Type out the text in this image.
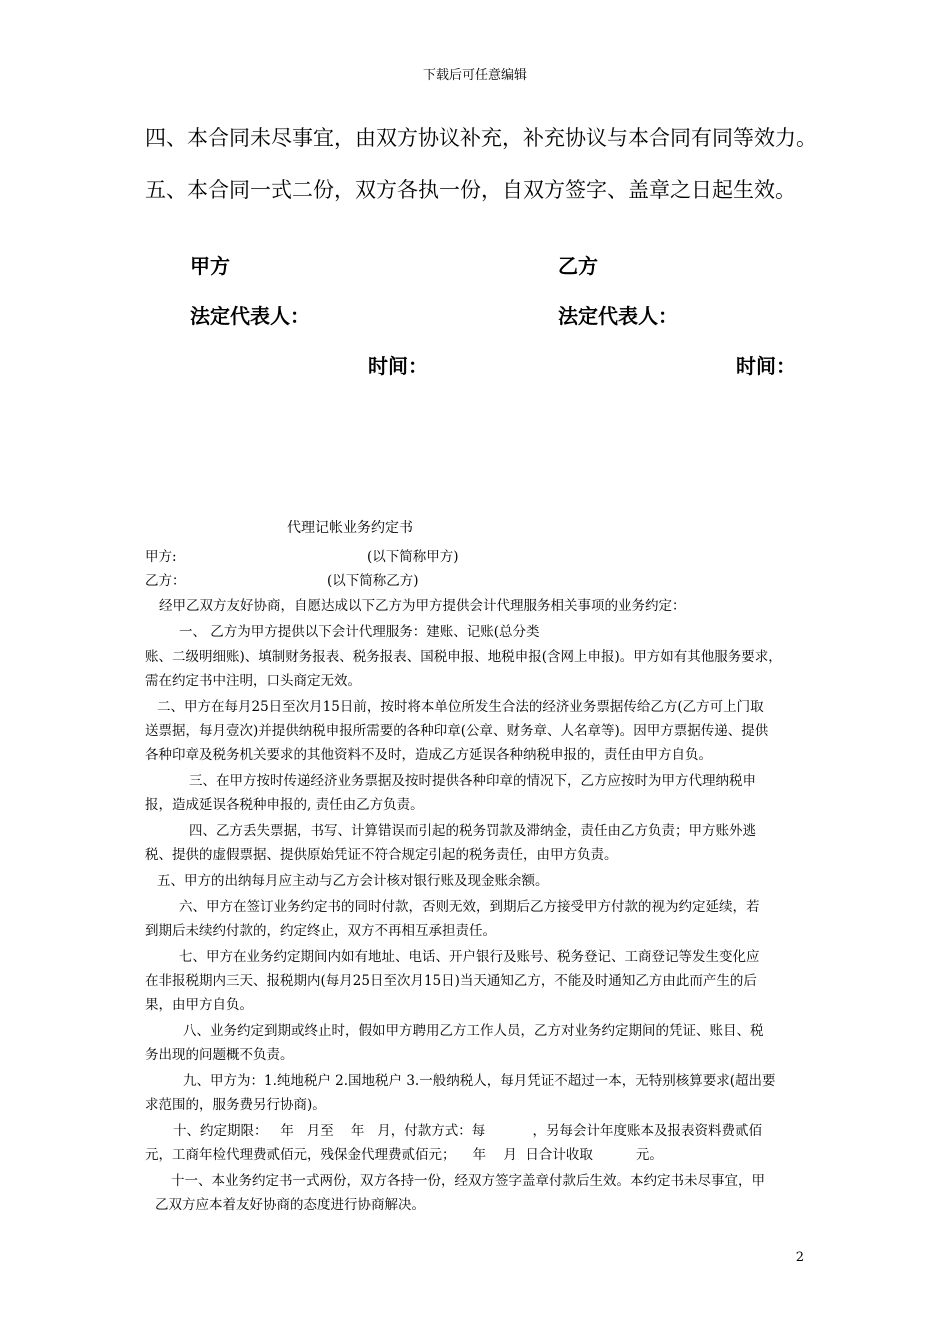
下载后可任意编辑
四、本合同未尽事宜，由双方协议补充，补充协议与本合同有同等效力。
五、本合同一式二份，双方各执一份，自双方签字、盖章之日起生效。
甲方	乙方
法定代表人：	法定代表人：
时间：	时间：
代理记帐业务约定书
甲方:	(以下简称甲方)
乙方：	(以下简称乙方)
经甲乙双方友好协商，自愿达成以下乙方为甲方提供会计代理服务相关事项的业务约定：
一、 乙方为甲方提供以下会计代理服务：建账、记账(总分类
账、二级明细账)、填制财务报表、税务报表、国税申报、地税申报(含网上申报)。甲方如有其他服务要求，
需在约定书中注明，口头商定无效。
二、甲方在每月25日至次月15日前，按时将本单位所发生合法的经济业务票据传给乙方(乙方可上门取
送票据，每月壹次)并提供纳税申报所需要的各种印章(公章、财务章、人名章等)。因甲方票据传递、提供
各种印章及税务机关要求的其他资料不及时，造成乙方延误各种纳税申报的，责任由甲方自负。
三、在甲方按时传递经济业务票据及按时提供各种印章的情况下，乙方应按时为甲方代理纳税申
报，造成延误各税种申报的, 责任由乙方负责。
四、乙方丢失票据，书写、计算错误而引起的税务罚款及滞纳金，责任由乙方负责；甲方账外逃
税、提供的虚假票据、提供原始凭证不符合规定引起的税务责任，由甲方负责。
五、甲方的出纳每月应主动与乙方会计核对银行账及现金账余额。
六、甲方在签订业务约定书的同时付款，否则无效，到期后乙方接受甲方付款的视为约定延续，若
到期后未续约付款的，约定终止，双方不再相互承担责任。
七、甲方在业务约定期间内如有地址、电话、开户银行及账号、税务登记、工商登记等发生变化应
在非报税期内三天、报税期内(每月25日至次月15日)当天通知乙方，不能及时通知乙方由此而产生的后
果，由甲方自负。
八、业务约定到期或终止时，假如甲方聘用乙方工作人员，乙方对业务约定期间的凭证、账目、税
务出现的问题概不负责。
九、甲方为：1.纯地税户 2.国地税户 3.一般纳税人，每月凭证不超过一本，无特别核算要求(超出要
求范围的，服务费另行协商)。
十、约定期限：   年   月至    年   月，付款方式：每           ，另每会计年度账本及报表资料费贰佰
元，工商年检代理费贰佰元，残保金代理费贰佰元；    年    月  日合计收取          元。
十一、本业务约定书一式两份，双方各持一份，经双方签字盖章付款后生效。本约定书未尽事宜，甲
乙双方应本着友好协商的态度进行协商解决。
2
